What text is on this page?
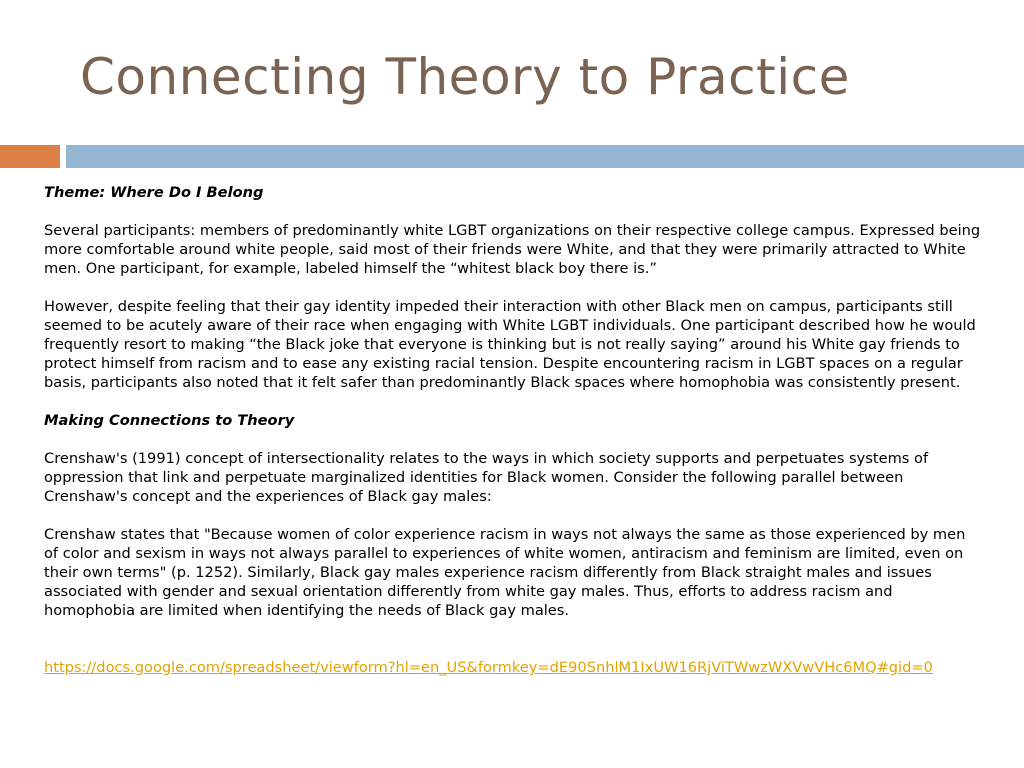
Connecting Theory to Practice

Theme: Where Do I Belong

Several participants: members of predominantly white LGBT organizations on their respective college campus. Expressed being more comfortable around white people, said most of their friends were White, and that they were primarily attracted to White men. One participant, for example, labeled himself the “whitest black boy there is.”

However, despite feeling that their gay identity impeded their interaction with other Black men on campus, participants still seemed to be acutely aware of their race when engaging with White LGBT individuals. One participant described how he would frequently resort to making “the Black joke that everyone is thinking but is not really saying” around his White gay friends to protect himself from racism and to ease any existing racial tension. Despite encountering racism in LGBT spaces on a regular basis, participants also noted that it felt safer than predominantly Black spaces where homophobia was consistently present.

Making Connections to Theory

Crenshaw's (1991) concept of intersectionality relates to the ways in which society supports and perpetuates systems of oppression that link and perpetuate marginalized identities for Black women. Consider the following parallel between Crenshaw's concept and the experiences of Black gay males:

Crenshaw states that "Because women of color experience racism in ways not always the same as those experienced by men of color and sexism in ways not always parallel to experiences of white women, antiracism and feminism are limited, even on their own terms" (p. 1252). Similarly, Black gay males experience racism differently from Black straight males and issues associated with gender and sexual orientation differently from white gay males. Thus, efforts to address racism and homophobia are limited when identifying the needs of Black gay males.

https://docs.google.com/spreadsheet/viewform?hl=en_US&formkey=dE90SnhlM1IxUW16RjViTWwzWXVwVHc6MQ#gid=0
